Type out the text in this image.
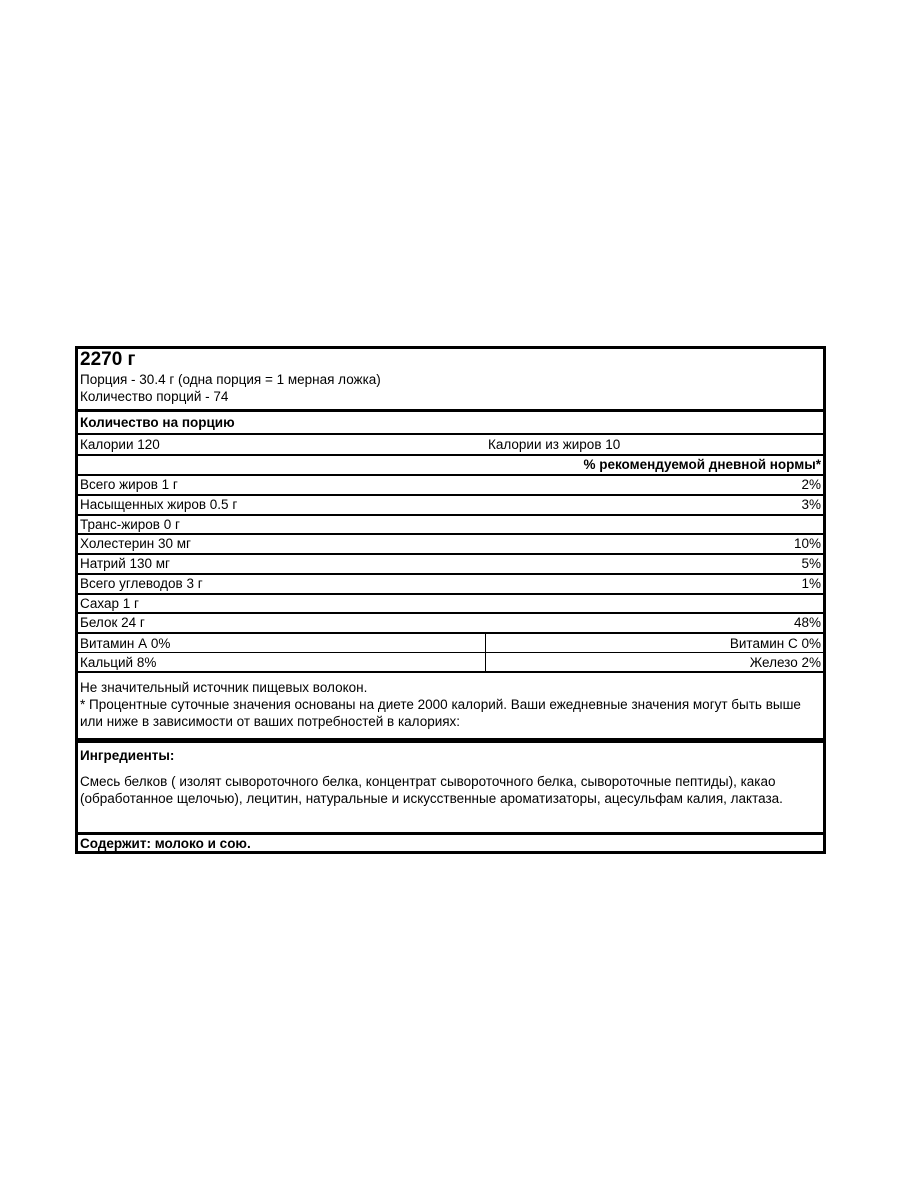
2270 г
Порция - 30.4 г (одна порция = 1 мерная ложка)
Количество порций - 74
Количество на порцию
Калории 120	Калории из жиров 10
% рекомендуемой дневной нормы*
Всего жиров 1 г	2%
Насыщенных жиров 0.5 г	3%
Транс-жиров 0 г
Холестерин 30 мг	10%
Натрий 130 мг	5%
Всего углеводов 3 г	1%
Сахар 1 г
Белок 24 г	48%
Витамин А 0%	Витамин С 0%
Кальций 8%	Железо 2%
Не значительный источник пищевых волокон.
* Процентные суточные значения основаны на диете 2000 калорий. Ваши ежедневные значения могут быть выше или ниже в зависимости от ваших потребностей в калориях:
Ингредиенты:
Смесь белков ( изолят сывороточного белка, концентрат сывороточного белка, сывороточные пептиды), какао (обработанное щелочью), лецитин, натуральные и искусственные ароматизаторы, ацесульфам калия, лактаза.
Содержит: молоко и сою.
